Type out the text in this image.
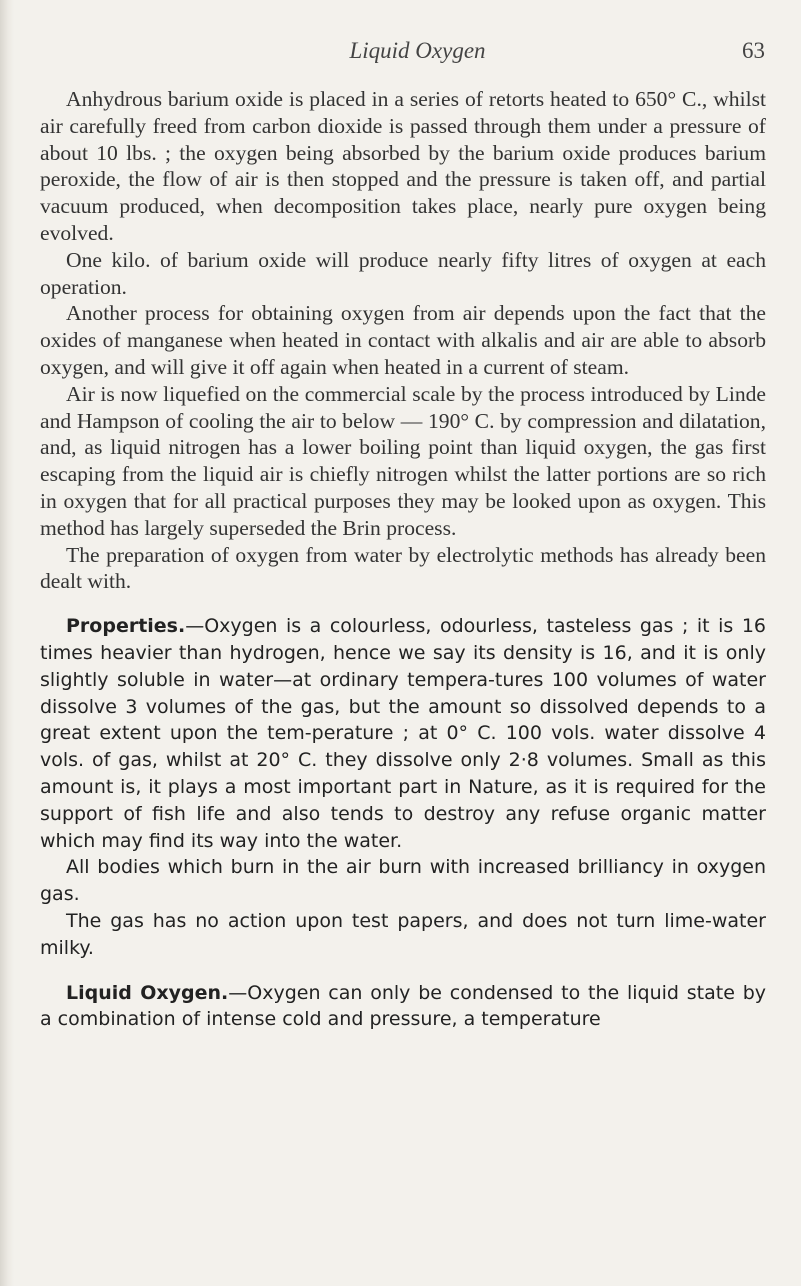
Liquid Oxygen	63

Anhydrous barium oxide is placed in a series of retorts heated to 650° C., whilst air carefully freed from carbon dioxide is passed through them under a pressure of about 10 lbs. ; the oxygen being absorbed by the barium oxide produces barium peroxide, the flow of air is then stopped and the pressure is taken off, and partial vacuum produced, when decomposition takes place, nearly pure oxygen being evolved.

One kilo. of barium oxide will produce nearly fifty litres of oxygen at each operation.

Another process for obtaining oxygen from air depends upon the fact that the oxides of manganese when heated in contact with alkalis and air are able to absorb oxygen, and will give it off again when heated in a current of steam.

Air is now liquefied on the commercial scale by the process introduced by Linde and Hampson of cooling the air to below — 190° C. by compression and dilatation, and, as liquid nitrogen has a lower boiling point than liquid oxygen, the gas first escaping from the liquid air is chiefly nitrogen whilst the latter portions are so rich in oxygen that for all practical purposes they may be looked upon as oxygen. This method has largely superseded the Brin process.

The preparation of oxygen from water by electrolytic methods has already been dealt with.

Properties.—Oxygen is a colourless, odourless, tasteless gas ; it is 16 times heavier than hydrogen, hence we say its density is 16, and it is only slightly soluble in water—at ordinary tempera-tures 100 volumes of water dissolve 3 volumes of the gas, but the amount so dissolved depends to a great extent upon the tem-perature ; at 0° C. 100 vols. water dissolve 4 vols. of gas, whilst at 20° C. they dissolve only 2·8 volumes. Small as this amount is, it plays a most important part in Nature, as it is required for the support of fish life and also tends to destroy any refuse organic matter which may find its way into the water.

All bodies which burn in the air burn with increased brilliancy in oxygen gas.

The gas has no action upon test papers, and does not turn lime-water milky.

Liquid Oxygen.—Oxygen can only be condensed to the liquid state by a combination of intense cold and pressure, a temperature
